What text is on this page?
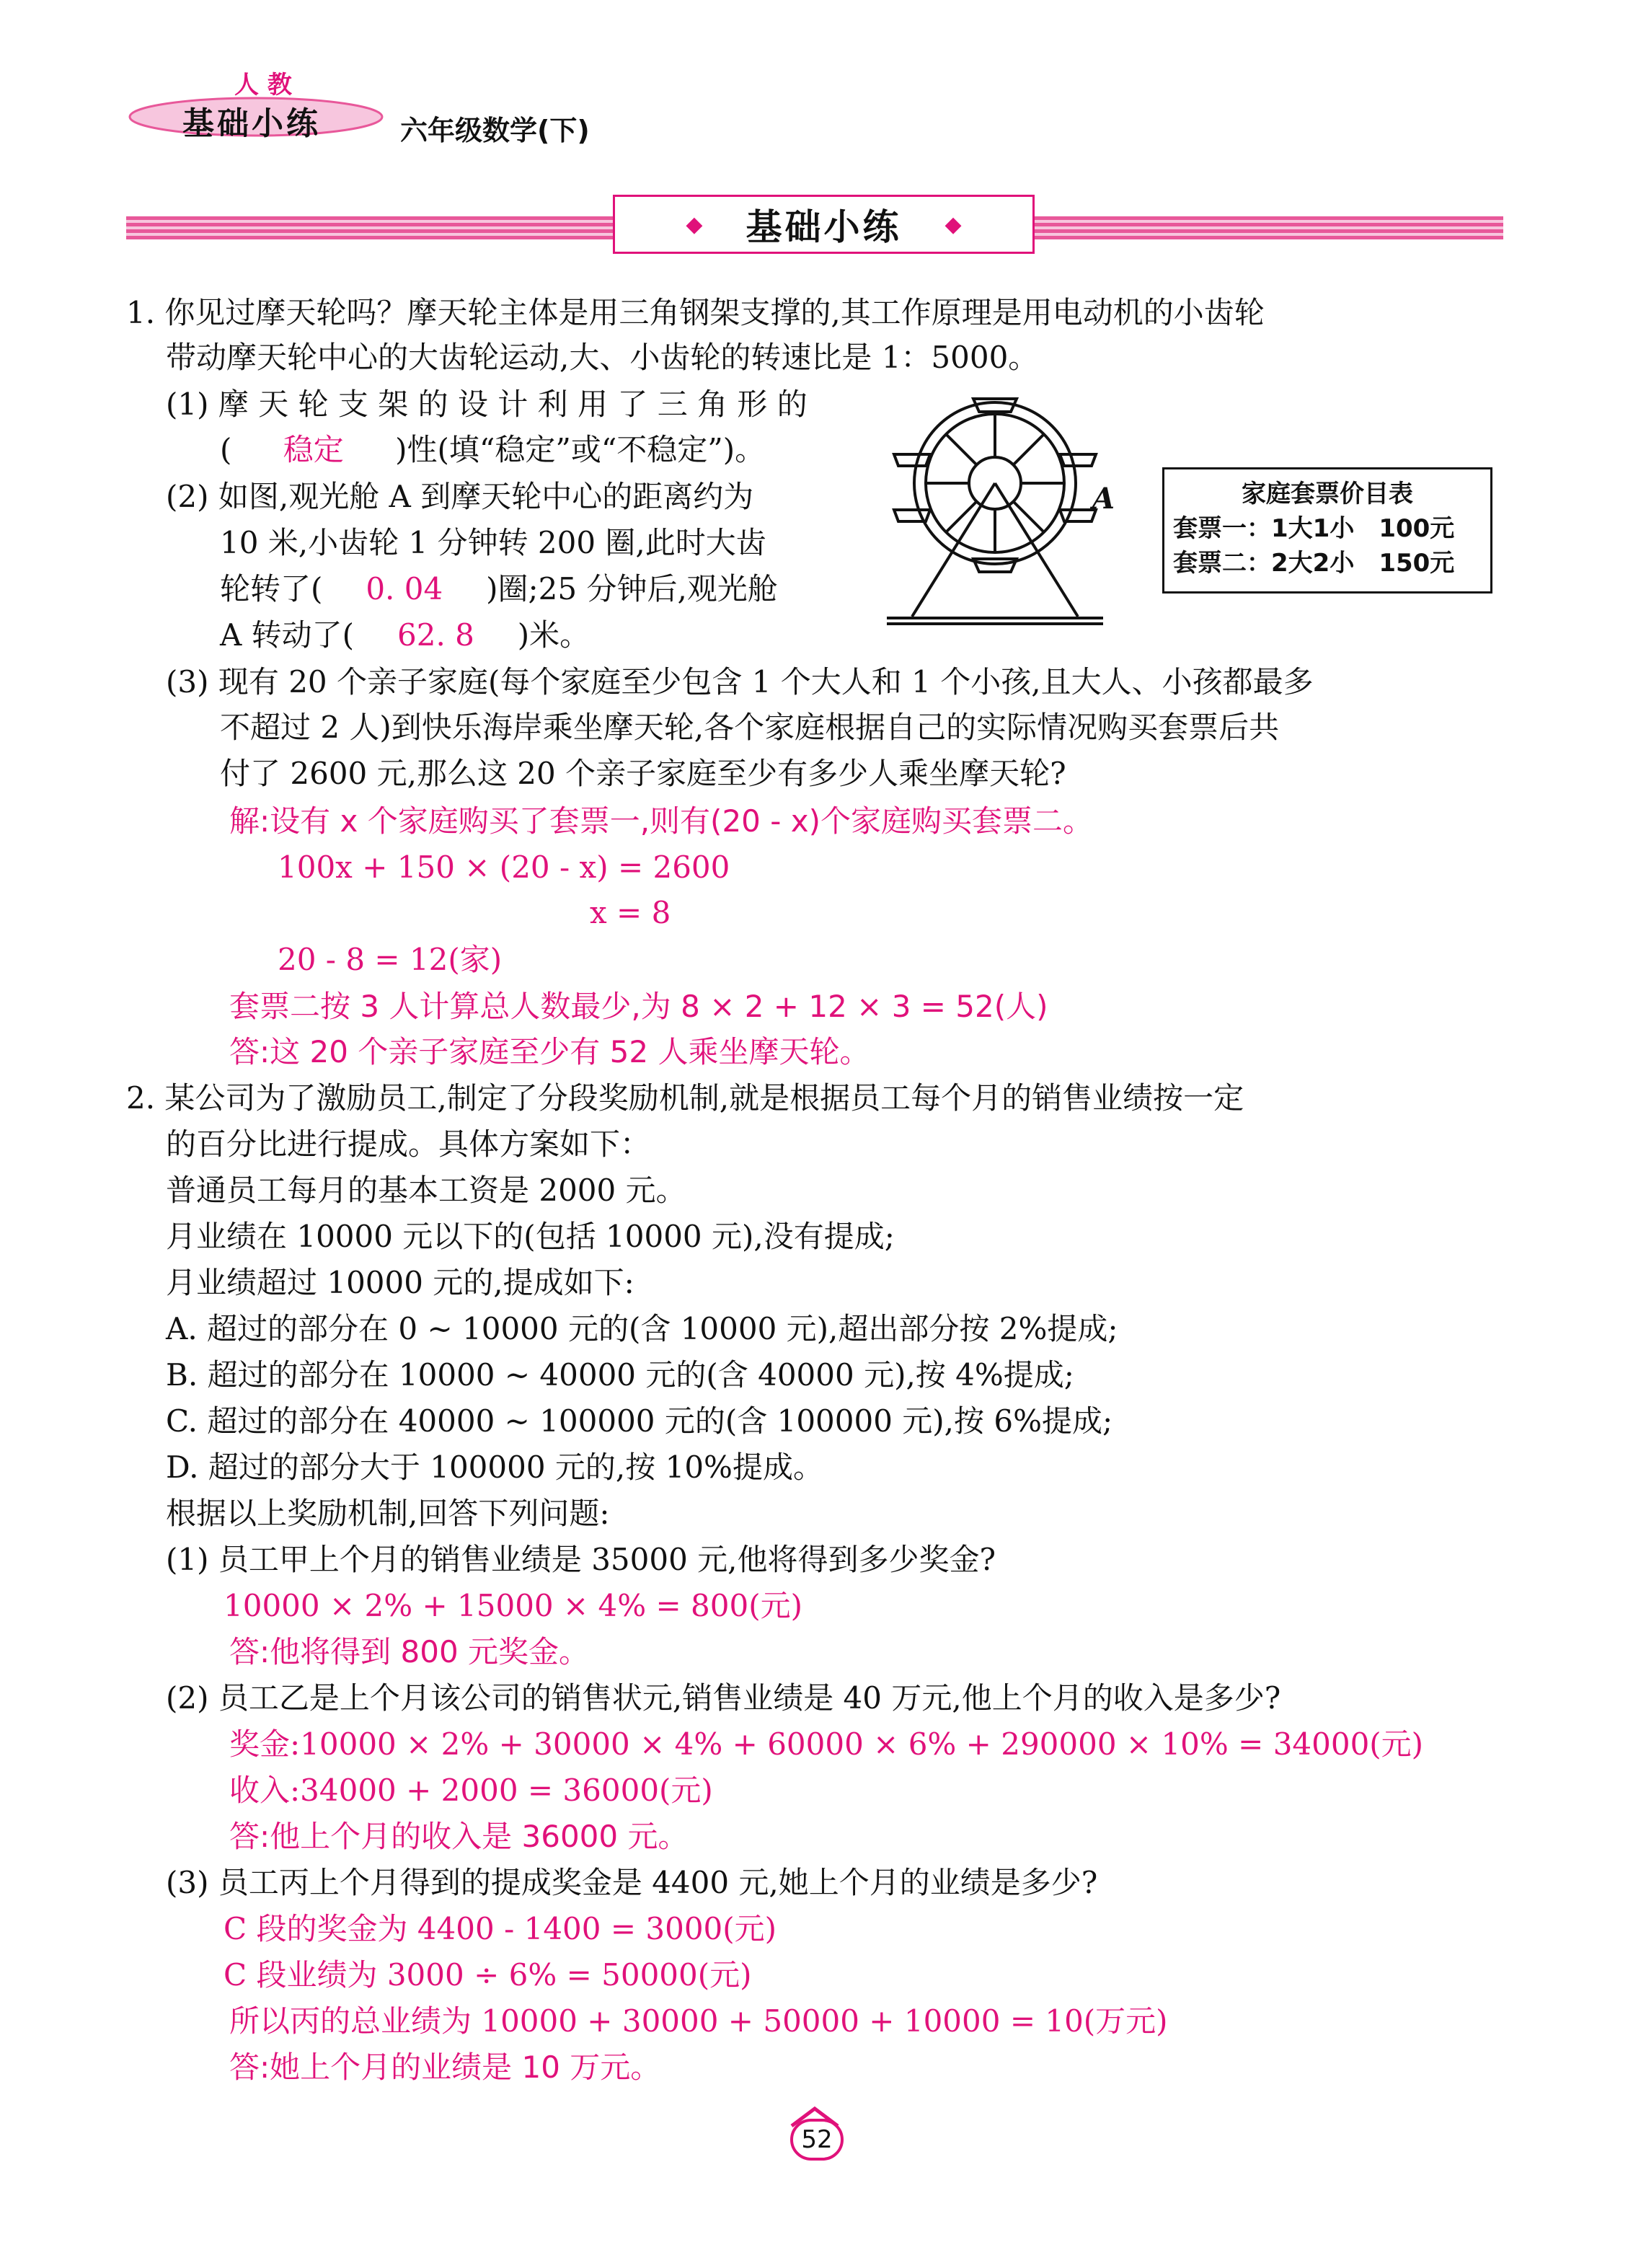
人 教
基础小练	六年级数学(下)
◆ 基础小练 ◆
1. 你见过摩天轮吗？摩天轮主体是用三角钢架支撑的,其工作原理是用电动机的小齿轮
带动摩天轮中心的大齿轮运动,大、小齿轮的转速比是 1：5000。
(1) 摩 天 轮 支 架 的 设 计 利 用 了 三 角 形 的
( 稳定 )性(填“稳定”或“不稳定”)。
(2) 如图,观光舱 A 到摩天轮中心的距离约为
10 米,小齿轮 1 分钟转 200 圈,此时大齿
轮转了( 0. 04 )圈;25 分钟后,观光舱
A 转动了( 62. 8 )米。
A	家庭套票价目表
套票一：1大1小　100元
套票二：2大2小　150元
(3) 现有 20 个亲子家庭(每个家庭至少包含 1 个大人和 1 个小孩,且大人、小孩都最多
不超过 2 人)到快乐海岸乘坐摩天轮,各个家庭根据自己的实际情况购买套票后共
付了 2600 元,那么这 20 个亲子家庭至少有多少人乘坐摩天轮?
解:设有 x 个家庭购买了套票一,则有(20 - x)个家庭购买套票二。
100x + 150 × (20 - x) = 2600
x = 8
20 - 8 = 12(家)
套票二按 3 人计算总人数最少,为 8 × 2 + 12 × 3 = 52(人)
答:这 20 个亲子家庭至少有 52 人乘坐摩天轮。
2. 某公司为了激励员工,制定了分段奖励机制,就是根据员工每个月的销售业绩按一定
的百分比进行提成。具体方案如下：
普通员工每月的基本工资是 2000 元。
月业绩在 10000 元以下的(包括 10000 元),没有提成;
月业绩超过 10000 元的,提成如下:
A. 超过的部分在 0 ~ 10000 元的(含 10000 元),超出部分按 2%提成;
B. 超过的部分在 10000 ~ 40000 元的(含 40000 元),按 4%提成;
C. 超过的部分在 40000 ~ 100000 元的(含 100000 元),按 6%提成;
D. 超过的部分大于 100000 元的,按 10%提成。
根据以上奖励机制,回答下列问题:
(1) 员工甲上个月的销售业绩是 35000 元,他将得到多少奖金?
10000 × 2% + 15000 × 4% = 800(元)
答:他将得到 800 元奖金。
(2) 员工乙是上个月该公司的销售状元,销售业绩是 40 万元,他上个月的收入是多少?
奖金:10000 × 2% + 30000 × 4% + 60000 × 6% + 290000 × 10% = 34000(元)
收入:34000 + 2000 = 36000(元)
答:他上个月的收入是 36000 元。
(3) 员工丙上个月得到的提成奖金是 4400 元,她上个月的业绩是多少?
C 段的奖金为 4400 - 1400 = 3000(元)
C 段业绩为 3000 ÷ 6% = 50000(元)
所以丙的总业绩为 10000 + 30000 + 50000 + 10000 = 10(万元)
答:她上个月的业绩是 10 万元。
52
